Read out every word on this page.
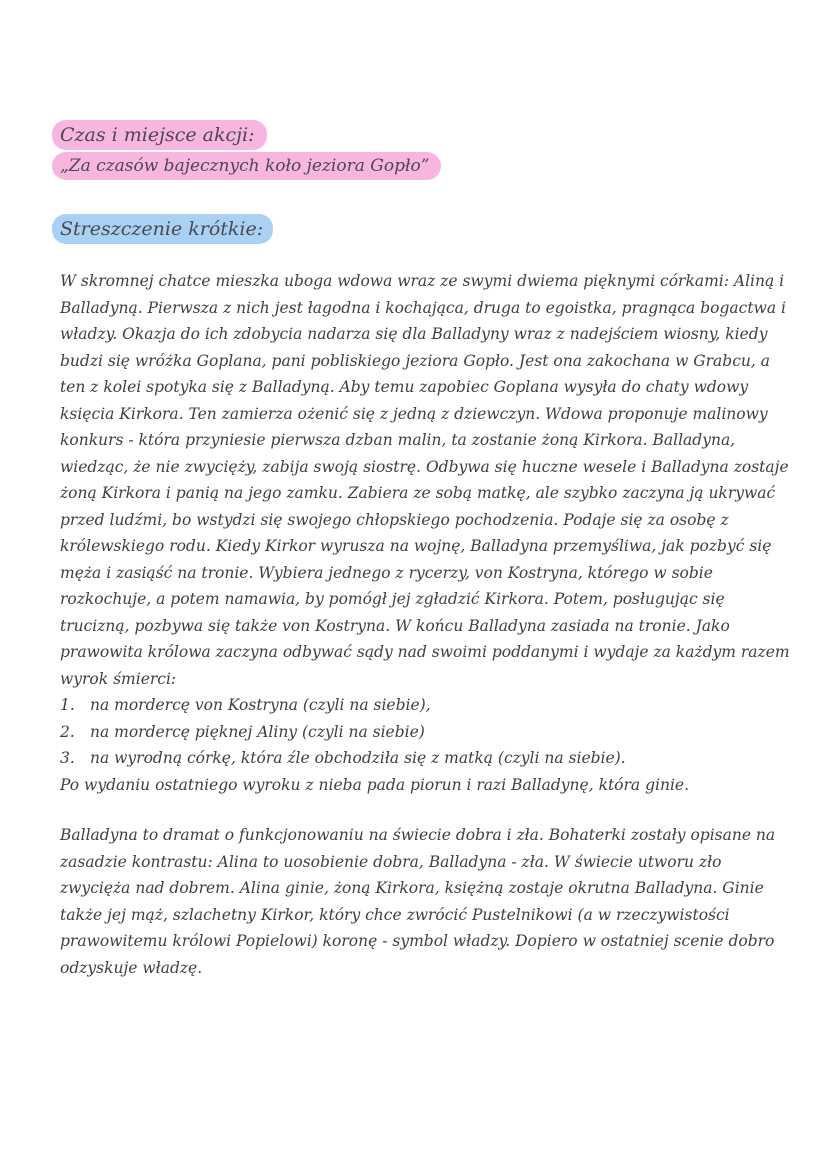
Czas i miejsce akcji:
„Za czasów bajecznych koło jeziora Gopło”
Streszczenie krótkie:

W skromnej chatce mieszka uboga wdowa wraz ze swymi dwiema pięknymi córkami: Aliną i Balladyną. Pierwsza z nich jest łagodna i kochająca, druga to egoistka, pragnąca bogactwa i władzy. Okazja do ich zdobycia nadarza się dla Balladyny wraz z nadejściem wiosny, kiedy budzi się wróżka Goplana, pani pobliskiego jeziora Gopło. Jest ona zakochana w Grabcu, a ten z kolei spotyka się z Balladyną. Aby temu zapobiec Goplana wysyła do chaty wdowy księcia Kirkora. Ten zamierza ożenić się z jedną z dziewczyn. Wdowa proponuje malinowy konkurs - która przyniesie pierwsza dzban malin, ta zostanie żoną Kirkora. Balladyna, wiedząc, że nie zwycięży, zabija swoją siostrę. Odbywa się huczne wesele i Balladyna zostaje żoną Kirkora i panią na jego zamku. Zabiera ze sobą matkę, ale szybko zaczyna ją ukrywać przed ludźmi, bo wstydzi się swojego chłopskiego pochodzenia. Podaje się za osobę z królewskiego rodu. Kiedy Kirkor wyrusza na wojnę, Balladyna przemyśliwa, jak pozbyć się męża i zasiąść na tronie. Wybiera jednego z rycerzy, von Kostryna, którego w sobie rozkochuje, a potem namawia, by pomógł jej zgładzić Kirkora. Potem, posługując się trucizną, pozbywa się także von Kostryna. W końcu Balladyna zasiada na tronie. Jako prawowita królowa zaczyna odbywać sądy nad swoimi poddanymi i wydaje za każdym razem wyrok śmierci:

1. na mordercę von Kostryna (czyli na siebie),
2. na mordercę pięknej Aliny (czyli na siebie)
3. na wyrodną córkę, która źle obchodziła się z matką (czyli na siebie).

Po wydaniu ostatniego wyroku z nieba pada piorun i razi Balladynę, która ginie.

Balladyna to dramat o funkcjonowaniu na świecie dobra i zła. Bohaterki zostały opisane na zasadzie kontrastu: Alina to uosobienie dobra, Balladyna - zła. W świecie utworu zło zwycięża nad dobrem. Alina ginie, żoną Kirkora, księżną zostaje okrutna Balladyna. Ginie także jej mąż, szlachetny Kirkor, który chce zwrócić Pustelnikowi (a w rzeczywistości prawowitemu królowi Popielowi) koronę - symbol władzy. Dopiero w ostatniej scenie dobro odzyskuje władzę.
